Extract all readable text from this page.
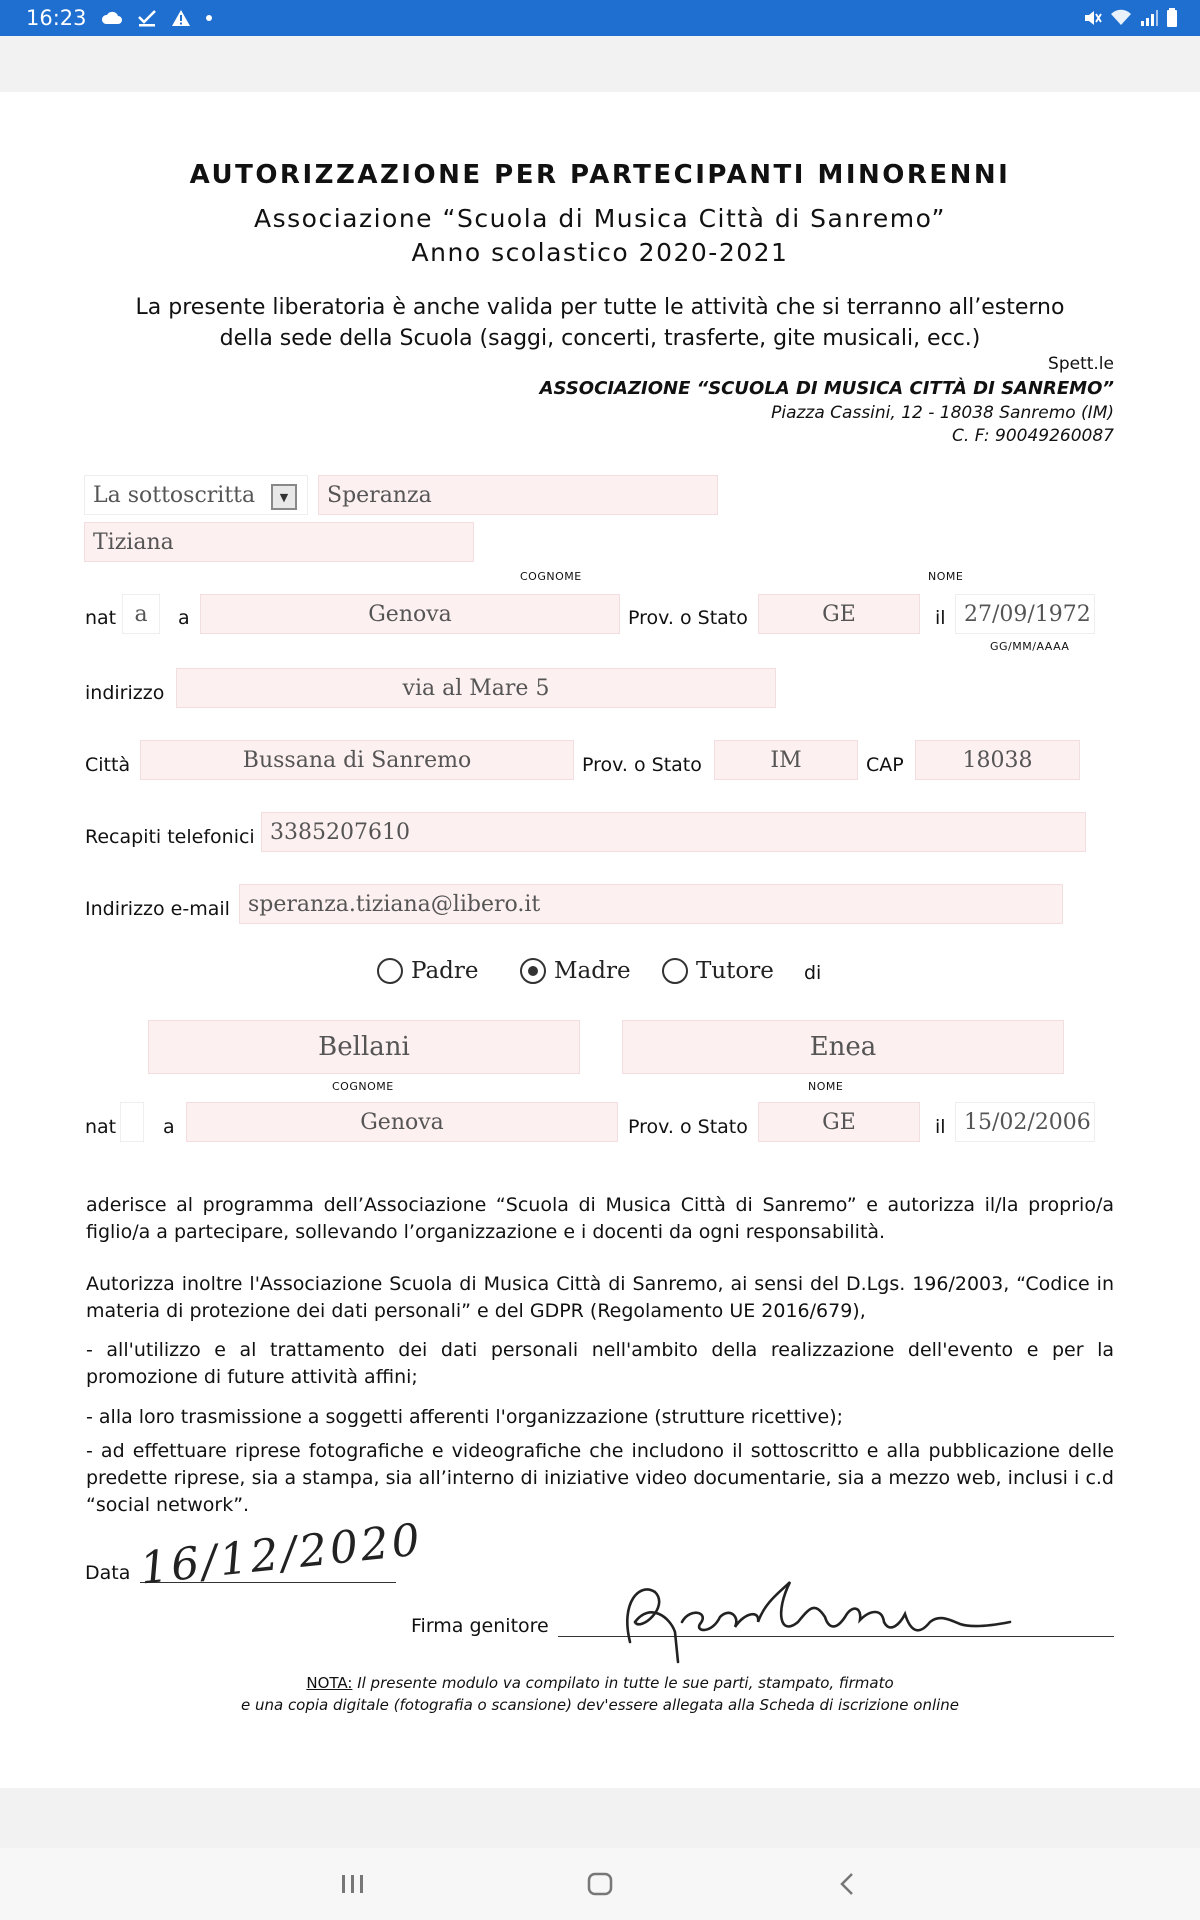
16:23
AUTORIZZAZIONE PER PARTECIPANTI MINORENNI
Associazione “Scuola di Musica Città di Sanremo”
Anno scolastico 2020-2021
La presente liberatoria è anche valida per tutte le attività che si terranno all’esterno
della sede della Scuola (saggi, concerti, trasferte, gite musicali, ecc.)
Spett.le
ASSOCIAZIONE “SCUOLA DI MUSICA CITTÀ DI SANREMO”
Piazza Cassini, 12 - 18038 Sanremo (IM)
C. F: 90049260087
La sottoscritta	▼	Speranza
Tiziana
COGNOME	NOME
nat a a	Genova	Prov. o Stato	GE	il 27/09/1972
GG/MM/AAAA
indirizzo	via al Mare 5
Città	Bussana di Sanremo	Prov. o Stato	IM	CAP	18038
Recapiti telefonici 3385207610
Indirizzo e-mail speranza.tiziana@libero.it
Padre	Madre	Tutore di
Bellani	Enea
COGNOME	NOME
nat a	Genova	Prov. o Stato	GE	il 15/02/2006
aderisce al programma dell’Associazione “Scuola di Musica Città di Sanremo” e autorizza il/la proprio/a figlio/a a partecipare, sollevando l’organizzazione e i docenti da ogni responsabilità.
Autorizza inoltre l'Associazione Scuola di Musica Città di Sanremo, ai sensi del D.Lgs. 196/2003, “Codice in materia di protezione dei dati personali” e del GDPR (Regolamento UE 2016/679),
- all'utilizzo e al trattamento dei dati personali nell'ambito della realizzazione dell'evento e per la promozione di future attività affini;
- alla loro trasmissione a soggetti afferenti l'organizzazione (strutture ricettive);
- ad effettuare riprese fotografiche e videografiche che includono il sottoscritto e alla pubblicazione delle predette riprese, sia a stampa, sia all’interno di iniziative video documentarie, sia a mezzo web, inclusi i c.d “social network”.
Data 16/12/2020
Firma genitore
NOTA: Il presente modulo va compilato in tutte le sue parti, stampato, firmato
e una copia digitale (fotografia o scansione) dev'essere allegata alla Scheda di iscrizione online
